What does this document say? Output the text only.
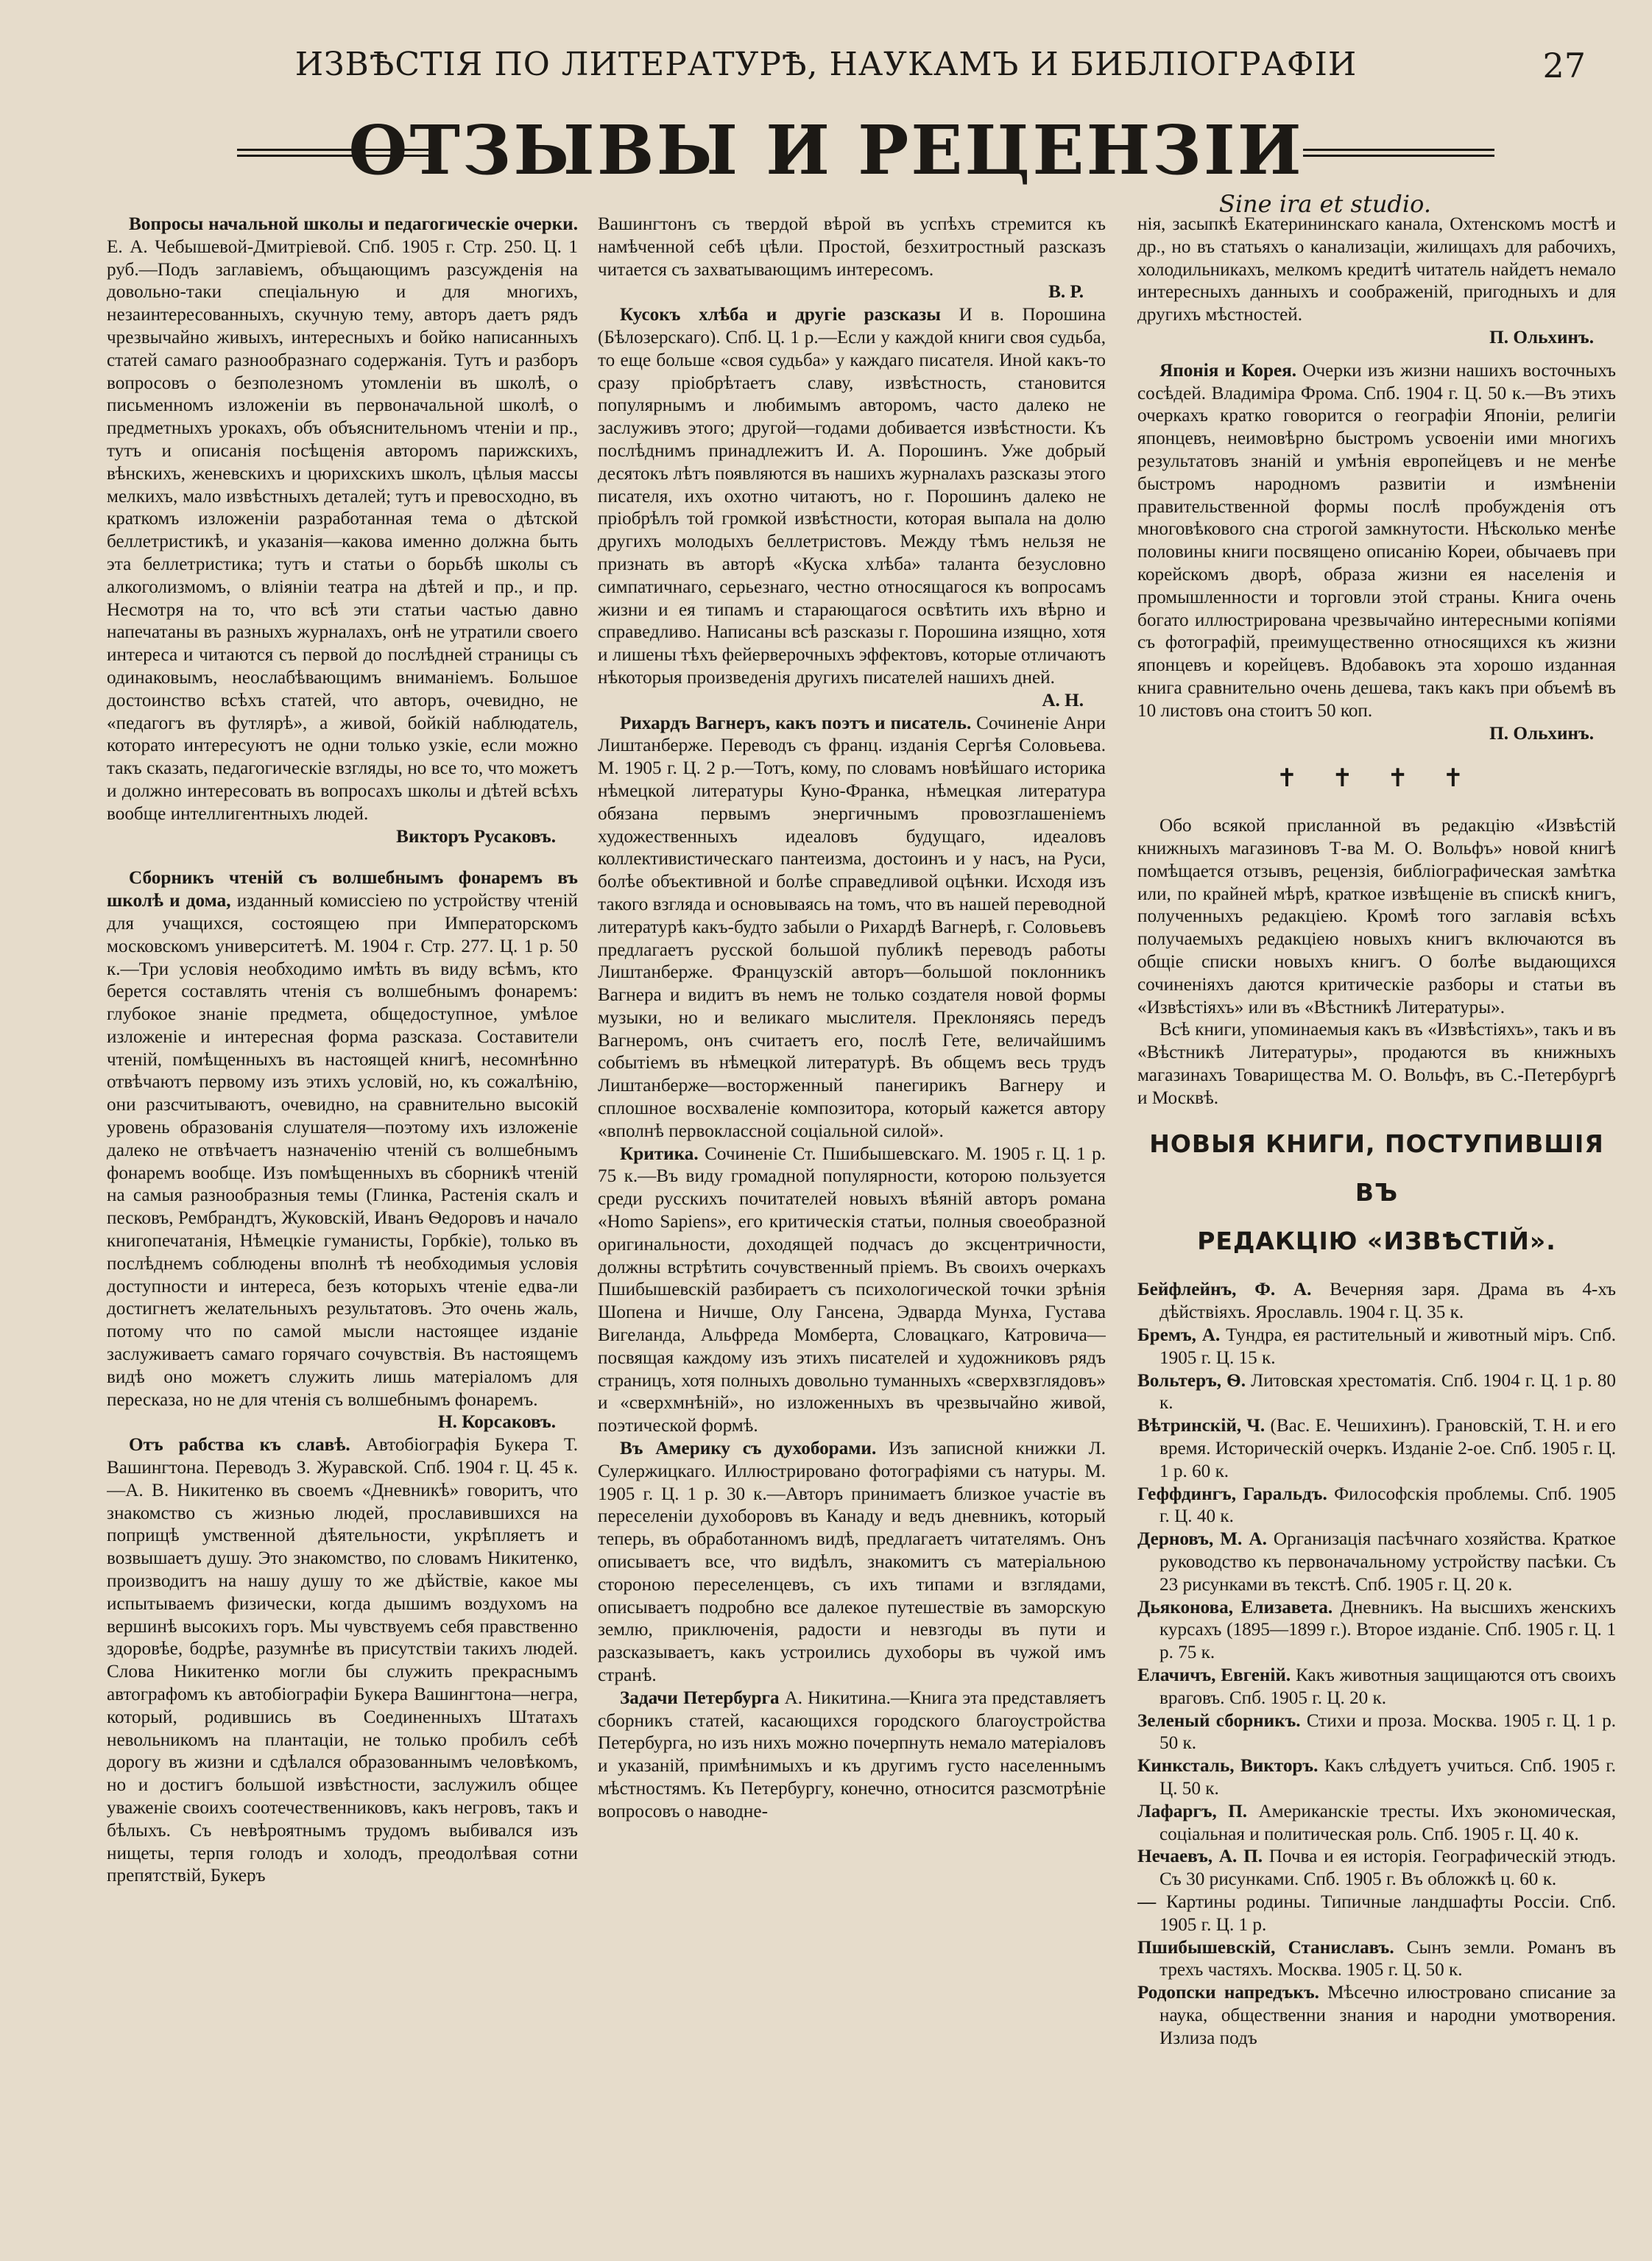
ИЗВѢСТІЯ ПО ЛИТЕРАТУРѢ, НАУКАМЪ И БИБЛІОГРАФІИ	27
ОТЗЫВЫ И РЕЦЕНЗІИ
Sine ira et studio.

Вопросы начальной школы и педагогическіе очерки. Е. А. Чебышевой-Дмитріевой. Спб. 1905 г. Стр. 250. Ц. 1 руб.—Подъ заглавіемъ, объщающимъ разсужденія на довольно-таки спеціальную и для многихъ, незаинтересованныхъ, скучную тему, авторъ даетъ рядъ чрезвычайно живыхъ, интересныхъ и бойко написанныхъ статей самаго разнообразнаго содержанія. Тутъ и разборъ вопросовъ о безполезномъ утомленіи въ школѣ, о письменномъ изложеніи въ первоначальной школѣ, о предметныхъ урокахъ, объ объяснительномъ чтеніи и пр., тутъ и описанія посѣщенія авторомъ парижскихъ, вѣнскихъ, женевскихъ и цюрихскихъ школъ, цѣлыя массы мелкихъ, мало извѣстныхъ деталей; тутъ и превосходно, въ краткомъ изложеніи разработанная тема о дѣтской беллетристикѣ, и указанія—какова именно должна быть эта беллетристика; тутъ и статьи о борьбѣ школы съ алкоголизмомъ, о вліяніи театра на дѣтей и пр., и пр. Несмотря на то, что всѣ эти статьи частью давно напечатаны въ разныхъ журналахъ, онѣ не утратили своего интереса и читаются съ первой до послѣдней страницы съ одинаковымъ, неослабѣвающимъ вниманіемъ. Большое достоинство всѣхъ статей, что авторъ, очевидно, не «педагогъ въ футлярѣ», а живой, бойкій наблюдатель, которато интересуютъ не одни только узкіе, если можно такъ сказать, педагогическіе взгляды, но все то, что можетъ и должно интересовать въ вопросахъ школы и дѣтей всѣхъ вообще интеллигентныхъ людей.

Викторъ Русаковъ.

Сборникъ чтеній съ волшебнымъ фонаремъ въ школѣ и дома, изданный комиссіею по устройству чтеній для учащихся, состоящею при Императорскомъ московскомъ университетѣ. М. 1904 г. Стр. 277. Ц. 1 р. 50 к.—Три условія необходимо имѣть въ виду всѣмъ, кто берется составлять чтенія съ волшебнымъ фонаремъ: глубокое знаніе предмета, общедоступное, умѣлое изложеніе и интересная форма разсказа. Составители чтеній, помѣщенныхъ въ настоящей книгѣ, несомнѣнно отвѣчаютъ первому изъ этихъ условій, но, къ сожалѣнію, они разсчитываютъ, очевидно, на сравнительно высокій уровень образованія слушателя—поэтому ихъ изложеніе далеко не отвѣчаетъ назначенію чтеній съ волшебнымъ фонаремъ вообще. Изъ помѣщенныхъ въ сборникѣ чтеній на самыя разнообразныя темы (Глинка, Растенія скалъ и песковъ, Рембрандтъ, Жуковскій, Иванъ Ѳедоровъ и начало книгопечатанія, Нѣмецкіе гуманисты, Горбкіе), только въ послѣднемъ соблюдены вполнѣ тѣ необходимыя условія доступности и интереса, безъ которыхъ чтеніе едва-ли достигнетъ желательныхъ результатовъ. Это очень жаль, потому что по самой мысли настоящее изданіе заслуживаетъ самаго горячаго сочувствія. Въ настоящемъ видѣ оно можетъ служить лишь матеріаломъ для пересказа, но не для чтенія съ волшебнымъ фонаремъ.

Н. Корсаковъ.

Отъ рабства къ славѣ. Автобіографія Букера Т. Вашингтона. Переводъ З. Журавской. Спб. 1904 г. Ц. 45 к.—А. В. Никитенко въ своемъ «Дневникѣ» говоритъ, что знакомство съ жизнью людей, прославившихся на поприщѣ умственной дѣятельности, укрѣпляетъ и возвышаетъ душу. Это знакомство, по словамъ Никитенко, производитъ на нашу душу то же дѣйствіе, какое мы испытываемъ физически, когда дышимъ воздухомъ на вершинѣ высокихъ горъ. Мы чувствуемъ себя правственно здоровѣе, бодрѣе, разумнѣе въ присутствіи такихъ людей. Слова Никитенко могли бы служить прекраснымъ автографомъ къ автобіографіи Букера Вашингтона—негра, который, родившись въ Соединенныхъ Штатахъ невольникомъ на плантаціи, не только пробилъ себѣ дорогу въ жизни и сдѣлался образованнымъ человѣкомъ, но и достигъ большой извѣстности, заслужилъ общее уваженіе своихъ соотечественниковъ, какъ негровъ, такъ и бѣлыхъ. Съ невѣроятнымъ трудомъ выбивался изъ нищеты, терпя голодъ и холодъ, преодолѣвая сотни препятствій, Букеръ

Вашингтонъ съ твердой вѣрой въ успѣхъ стремится къ намѣченной себѣ цѣли. Простой, безхитростный разсказъ читается съ захватывающимъ интересомъ.

В. Р.

Кусокъ хлѣба и другіе разсказы И в. Порошина (Бѣлозерскаго). Спб. Ц. 1 р.—Если у каждой книги своя судьба, то еще больше «своя судьба» у каждаго писателя. Иной какъ-то сразу пріобрѣтаетъ славу, извѣстность, становится популярнымъ и любимымъ авторомъ, часто далеко не заслуживъ этого; другой—годами добивается извѣстности. Къ послѣднимъ принадлежитъ И. А. Порошинъ. Уже добрый десятокъ лѣтъ появляются въ нашихъ журналахъ разсказы этого писателя, ихъ охотно читаютъ, но г. Порошинъ далеко не пріобрѣлъ той громкой извѣстности, которая выпала на долю другихъ молодыхъ беллетристовъ. Между тѣмъ нельзя не признать въ авторѣ «Куска хлѣба» таланта безусловно симпатичнаго, серьезнаго, честно относящагося къ вопросамъ жизни и ея типамъ и старающагося освѣтить ихъ вѣрно и справедливо. Написаны всѣ разсказы г. Порошина изящно, хотя и лишены тѣхъ фейерверочныхъ эффектовъ, которые отличаютъ нѣкоторыя произведенія другихъ писателей нашихъ дней.

А. Н.

Рихардъ Вагнеръ, какъ поэтъ и писатель. Сочиненіе Анри Лиштанберже. Переводъ съ франц. изданія Сергѣя Соловьева. М. 1905 г. Ц. 2 р.—Тотъ, кому, по словамъ новѣйшаго историка нѣмецкой литературы Куно-Франка, нѣмецкая литература обязана первымъ энергичнымъ провозглашеніемъ художественныхъ идеаловъ будущаго, идеаловъ коллективистическаго пантеизма, достоинъ и у насъ, на Руси, болѣе объективной и болѣе справедливой оцѣнки. Исходя изъ такого взгляда и основываясь на томъ, что въ нашей переводной литературѣ какъ-будто забыли о Рихардѣ Вагнерѣ, г. Соловьевъ предлагаетъ русской большой публикѣ переводъ работы Лиштанберже. Французскій авторъ—большой поклонникъ Вагнера и видитъ въ немъ не только создателя новой формы музыки, но и великаго мыслителя. Преклоняясь передъ Вагнеромъ, онъ считаетъ его, послѣ Гете, величайшимъ событіемъ въ нѣмецкой литературѣ. Въ общемъ весь трудъ Лиштанберже—восторженный панегирикъ Вагнеру и сплошное восхваленіе композитора, который кажется автору «вполнѣ первоклассной соціальной силой».

Критика. Сочиненіе Ст. Пшибышевскаго. М. 1905 г. Ц. 1 р. 75 к.—Въ виду громадной популярности, которою пользуется среди русскихъ почитателей новыхъ вѣяній авторъ романа «Homo Sapiens», его критическія статьи, полныя своеобразной оригинальности, доходящей подчасъ до эксцентричности, должны встрѣтить сочувственный пріемъ. Въ своихъ очеркахъ Пшибышевскій разбираетъ съ психологической точки зрѣнія Шопена и Ничше, Олу Гансена, Эдварда Мунха, Густава Вигеланда, Альфреда Момберта, Словацкаго, Катровича—посвящая каждому изъ этихъ писателей и художниковъ рядъ страницъ, хотя полныхъ довольно туманныхъ «сверхвзглядовъ» и «сверхмнѣній», но изложенныхъ въ чрезвычайно живой, поэтической формѣ.

Въ Америку съ духоборами. Изъ записной книжки Л. Сулержицкаго. Иллюстрировано фотографіями съ натуры. М. 1905 г. Ц. 1 р. 30 к.—Авторъ принимаетъ близкое участіе въ переселеніи духоборовъ въ Канаду и ведъ дневникъ, который теперь, въ обработанномъ видѣ, предлагаетъ читателямъ. Онъ описываетъ все, что видѣлъ, знакомитъ съ матеріальною стороною переселенцевъ, съ ихъ типами и взглядами, описываетъ подробно все далекое путешествіе въ заморскую землю, приключенія, радости и невзгоды въ пути и разсказываетъ, какъ устроились духоборы въ чужой имъ странѣ.

Задачи Петербурга А. Никитина.—Книга эта представляетъ сборникъ статей, касающихся городского благоустройства Петербурга, но изъ нихъ можно почерпнуть немало матеріаловъ и указаній, примѣнимыхъ и къ другимъ густо населеннымъ мѣстностямъ. Къ Петербургу, конечно, относится разсмотрѣніе вопросовъ о наводне-

нія, засыпкѣ Екатерининскаго канала, Охтенскомъ мостѣ и др., но въ статьяхъ о канализаціи, жилищахъ для рабочихъ, холодильникахъ, мелкомъ кредитѣ читатель найдетъ немало интересныхъ данныхъ и соображеній, пригодныхъ и для другихъ мѣстностей.

П. Ольхинъ.

Японія и Корея. Очерки изъ жизни нашихъ восточныхъ сосѣдей. Владиміра Фрома. Спб. 1904 г. Ц. 50 к.—Въ этихъ очеркахъ кратко говорится о географіи Японіи, религіи японцевъ, неимовѣрно быстромъ усвоеніи ими многихъ результатовъ знаній и умѣнія европейцевъ и не менѣе быстромъ народномъ развитіи и измѣненіи правительственной формы послѣ пробужденія отъ многовѣкового сна строгой замкнутости. Нѣсколько менѣе половины книги посвящено описанію Кореи, обычаевъ при корейскомъ дворѣ, образа жизни ея населенія и промышленности и торговли этой страны. Книга очень богато иллюстрирована чрезвычайно интересными копіями съ фотографій, преимущественно относящихся къ жизни японцевъ и корейцевъ. Вдобавокъ эта хорошо изданная книга сравнительно очень дешева, такъ какъ при объемѣ въ 10 листовъ она стоитъ 50 коп.

П. Ольхинъ.

✝ ✝ ✝ ✝

Обо всякой присланной въ редакцію «Извѣстій книжныхъ магазиновъ Т-ва М. О. Вольфъ» новой книгѣ помѣщается отзывъ, рецензія, библіографическая замѣтка или, по крайней мѣрѣ, краткое извѣщеніе въ спискѣ книгъ, полученныхъ редакціею. Кромѣ того заглавія всѣхъ получаемыхъ редакціею новыхъ книгъ включаются въ общіе списки новыхъ книгъ. О болѣе выдающихся сочиненіяхъ даются критическіе разборы и статьи въ «Извѣстіяхъ» или въ «Вѣстникѣ Литературы».

Всѣ книги, упоминаемыя какъ въ «Извѣстіяхъ», такъ и въ «Вѣстникѣ Литературы», продаются въ книжныхъ магазинахъ Товарищества М. О. Вольфъ, въ С.-Петербургѣ и Москвѣ.

НОВЫЯ КНИГИ, ПОСТУПИВШІЯ ВЪ
РЕДАКЦІЮ «ИЗВѢСТІЙ».

Бейфлейнъ, Ф. А. Вечерняя заря. Драма въ 4-хъ дѣйствіяхъ. Ярославль. 1904 г. Ц. 35 к.

Бремъ, А. Тундра, ея растительный и животный міръ. Спб. 1905 г. Ц. 15 к.

Вольтеръ, Ѳ. Литовская хрестоматія. Спб. 1904 г. Ц. 1 р. 80 к.

Вѣтринскій, Ч. (Вас. Е. Чешихинъ). Грановскій, Т. Н. и его время. Историческій очеркъ. Изданіе 2-ое. Спб. 1905 г. Ц. 1 р. 60 к.

Геффдингъ, Гаральдъ. Философскія проблемы. Спб. 1905 г. Ц. 40 к.

Дерновъ, М. А. Организація пасѣчнаго хозяйства. Краткое руководство къ первоначальному устройству пасѣки. Съ 23 рисунками въ текстѣ. Спб. 1905 г. Ц. 20 к.

Дьяконова, Елизавета. Дневникъ. На высшихъ женскихъ курсахъ (1895—1899 г.). Второе изданіе. Спб. 1905 г. Ц. 1 р. 75 к.

Елачичъ, Евгеній. Какъ животныя защищаются отъ своихъ враговъ. Спб. 1905 г. Ц. 20 к.

Зеленый сборникъ. Стихи и проза. Москва. 1905 г. Ц. 1 р. 50 к.

Кинксталь, Викторъ. Какъ слѣдуетъ учиться. Спб. 1905 г. Ц. 50 к.

Лафаргъ, П. Американскіе тресты. Ихъ экономическая, соціальная и политическая роль. Спб. 1905 г. Ц. 40 к.

Нечаевъ, А. П. Почва и ея исторія. Географическій этюдъ. Съ 30 рисунками. Спб. 1905 г. Въ обложкѣ ц. 60 к.

— Картины родины. Типичные ландшафты Россіи. Спб. 1905 г. Ц. 1 р.

Пшибышевскій, Станиславъ. Сынъ земли. Романъ въ трехъ частяхъ. Москва. 1905 г. Ц. 50 к.

Родопски напредъкъ. Мѣсечно илюстровано списание за наука, общественни знания и народни умотворения. Излиза подъ
